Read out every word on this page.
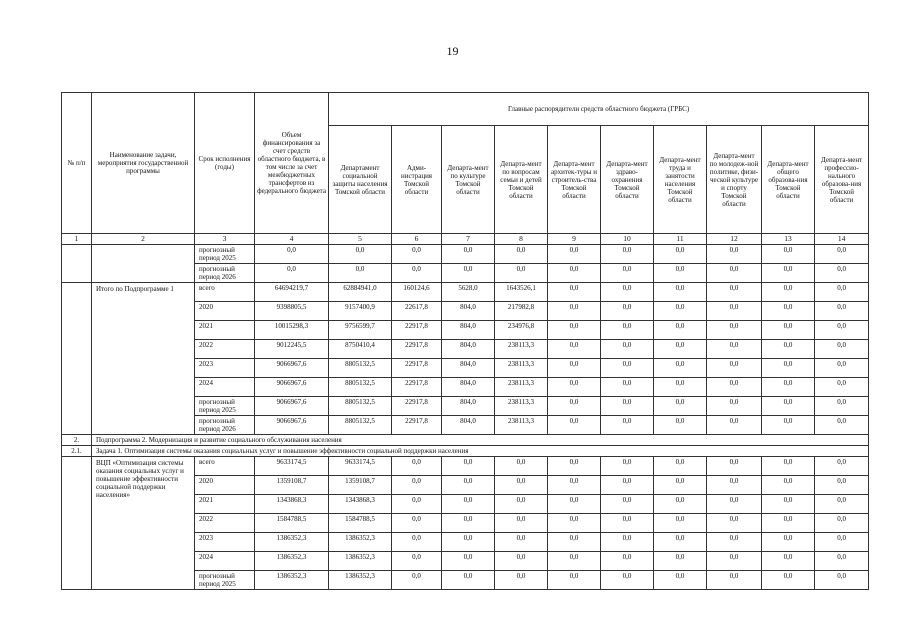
19
№ п/п	Наименование задачи, мероприятия государственной программы	Срок исполнения (годы)	Объем финансирования за счет средств областного бюджета, в том числе за счет межбюджетных трансфертов из федерального бюджета	Главные распорядители средств областного бюджета (ГРБС)									
				Департамент социальной защиты населения Томской области	Адми-нистрация Томской области	Департа-мент по культуре Томской области	Департа-мент по вопросам семьи и детей Томской области	Департа-мент архитек-туры и строитель-ства Томской области	Департа-мент здраво-охранения Томской области	Департа-мент труда и занятости населения Томской области	Департа-мент по молодеж-ной политике, физи-ческой культуре и спорту Томской области	Департа-мент общего образова-ния Томской области	Департа-мент профессио-нального образова-ния Томской области
1	2	3	4	5	6	7	8	9	10	11	12	13	14
		прогнозный период 2025	0,0	0,0	0,0	0,0	0,0	0,0	0,0	0,0	0,0	0,0	0,0
		прогнозный период 2026	0,0	0,0	0,0	0,0	0,0	0,0	0,0	0,0	0,0	0,0	0,0
	Итого по Подпрограмме 1	всего	64694219,7	62884941,0	160124,6	5628,0	1643526,1	0,0	0,0	0,0	0,0	0,0	0,0
		2020	9398805,5	9157400,9	22617,8	804,0	217982,8	0,0	0,0	0,0	0,0	0,0	0,0
		2021	10015298,3	9756599,7	22917,8	804,0	234976,8	0,0	0,0	0,0	0,0	0,0	0,0
		2022	9012245,5	8750410,4	22917,8	804,0	238113,3	0,0	0,0	0,0	0,0	0,0	0,0
		2023	9066967,6	8805132,5	22917,8	804,0	238113,3	0,0	0,0	0,0	0,0	0,0	0,0
		2024	9066967,6	8805132,5	22917,8	804,0	238113,3	0,0	0,0	0,0	0,0	0,0	0,0
		прогнозный период 2025	9066967,6	8805132,5	22917,8	804,0	238113,3	0,0	0,0	0,0	0,0	0,0	0,0
		прогнозный период 2026	9066967,6	8805132,5	22917,8	804,0	238113,3	0,0	0,0	0,0	0,0	0,0	0,0
2.	Подпрограмма 2. Модернизация и развитие социального обслуживания населения												
2.1.	Задача 1. Оптимизация системы оказания социальных услуг и повышение эффективности социальной поддержки населения												
	ВЦП «Оптимизация системы оказания социальных услуг и повышение эффективности социальной поддержки населения»	всего	9633174,5	9633174,5	0,0	0,0	0,0	0,0	0,0	0,0	0,0	0,0	0,0
		2020	1359108,7	1359108,7	0,0	0,0	0,0	0,0	0,0	0,0	0,0	0,0	0,0
		2021	1343868,3	1343868,3	0,0	0,0	0,0	0,0	0,0	0,0	0,0	0,0	0,0
		2022	1584788,5	1584788,5	0,0	0,0	0,0	0,0	0,0	0,0	0,0	0,0	0,0
		2023	1386352,3	1386352,3	0,0	0,0	0,0	0,0	0,0	0,0	0,0	0,0	0,0
		2024	1386352,3	1386352,3	0,0	0,0	0,0	0,0	0,0	0,0	0,0	0,0	0,0
		прогнозный период 2025	1386352,3	1386352,3	0,0	0,0	0,0	0,0	0,0	0,0	0,0	0,0	0,0
